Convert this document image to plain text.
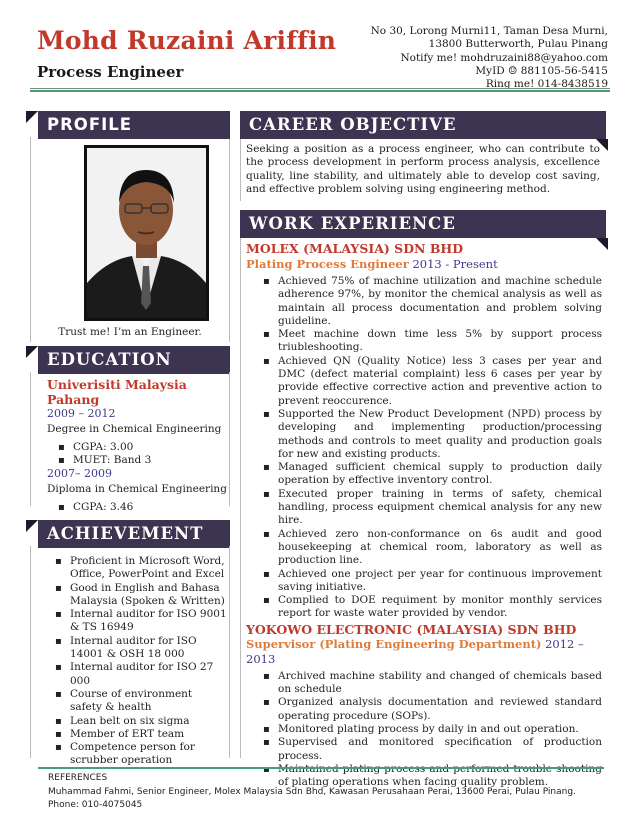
Mohd Ruzaini Ariffin
Process Engineer
No 30, Lorong Murni11, Taman Desa Murni,
13800 Butterworth, Pulau Pinang
Notify me! mohdruzaini88@yahoo.com
MyID ☺ 881105-56-5415
Ring me! 014-8438519
PROFILE
Trust me! I’m an Engineer.
EDUCATION
Univerisiti Malaysia Pahang
2009 – 2012
Degree in Chemical Engineering
▪ CGPA: 3.00
▪ MUET: Band 3
2007– 2009
Diploma in Chemical Engineering
▪ CGPA: 3.46
ACHIEVEMENT
▪ Proficient in Microsoft Word, Office, PowerPoint and Excel
▪ Good in English and Bahasa Malaysia (Spoken & Written)
▪ Internal auditor for ISO 9001 & TS 16949
▪ Internal auditor for ISO 14001 & OSH 18 000
▪ Internal auditor for ISO 27 000
▪ Course of environment safety & health
▪ Lean belt on six sigma
▪ Member of ERT team
▪ Competence person for scrubber operation
CAREER OBJECTIVE
Seeking a position as a process engineer, who can contribute to the process development in perform process analysis, excellence quality, line stability, and ultimately able to develop cost saving, and effective problem solving using engineering method.
WORK EXPERIENCE
MOLEX (MALAYSIA) SDN BHD
Plating Process Engineer 2013 - Present
▪ Achieved 75% of machine utilization and machine schedule adherence 97%, by monitor the chemical analysis as well as maintain all process documentation and problem solving guideline.
▪ Meet machine down time less 5% by support process triubleshooting.
▪ Achieved QN (Quality Notice) less 3 cases per year and DMC (defect material complaint) less 6 cases per year by provide effective corrective action and preventive action to prevent reoccurence.
▪ Supported the New Product Development (NPD) process by developing and implementing production/processing methods and controls to meet quality and production goals for new and existing products.
▪ Managed sufficient chemical supply to production daily operation by effective inventory control.
▪ Executed proper training in terms of safety, chemical handling, process equipment chemical analysis for any new hire.
▪ Achieved zero non-conformance on 6s audit and good housekeeping at chemical room, laboratory as well as production line.
▪ Achieved one project per year for continuous improvement saving initiative.
▪ Complied to DOE requiment by monitor monthly services report for waste water provided by vendor.
YOKOWO ELECTRONIC (MALAYSIA) SDN BHD
Supervisor (Plating Engineering Department) 2012 – 2013
▪ Archived machine stability and changed of chemicals based on schedule
▪ Organized analysis documentation and reviewed standard operating procedure (SOPs).
▪ Monitored plating process by daily in and out operation.
▪ Supervised and monitored specification of production process.
▪ Maintained plating process and performed trouble shooting of plating operations when facing quality problem.
REFERENCES
Muhammad Fahmi, Senior Engineer, Molex Malaysia Sdn Bhd, Kawasan Perusahaan Perai, 13600 Perai, Pulau Pinang.
Phone: 010-4075045
